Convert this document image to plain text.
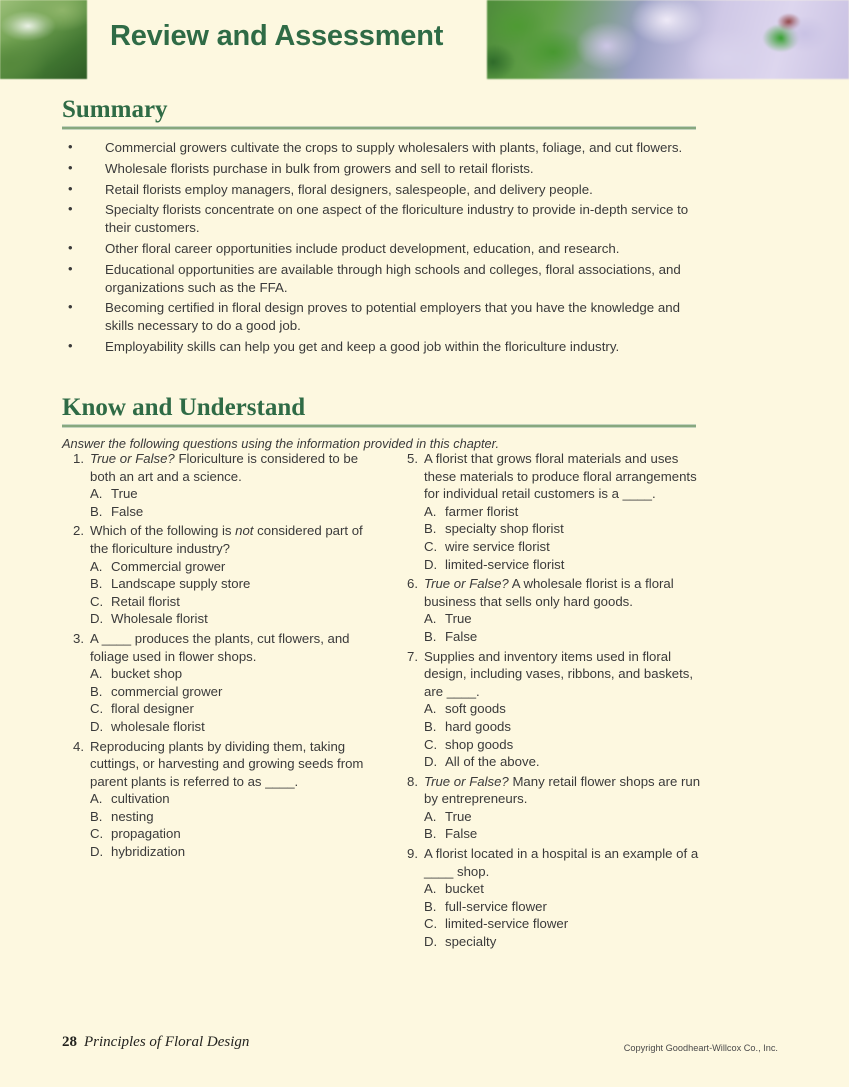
Review and Assessment
Summary
• Commercial growers cultivate the crops to supply wholesalers with plants, foliage, and cut flowers.
• Wholesale florists purchase in bulk from growers and sell to retail florists.
• Retail florists employ managers, floral designers, salespeople, and delivery people.
• Specialty florists concentrate on one aspect of the floriculture industry to provide in-depth service to their customers.
• Other floral career opportunities include product development, education, and research.
• Educational opportunities are available through high schools and colleges, floral associations, and organizations such as the FFA.
• Becoming certified in floral design proves to potential employers that you have the knowledge and skills necessary to do a good job.
• Employability skills can help you get and keep a good job within the floriculture industry.
Know and Understand
Answer the following questions using the information provided in this chapter.
1. True or False? Floriculture is considered to be both an art and a science.
A. True
B. False
2. Which of the following is not considered part of the floriculture industry?
A. Commercial grower
B. Landscape supply store
C. Retail florist
D. Wholesale florist
3. A ____ produces the plants, cut flowers, and foliage used in flower shops.
A. bucket shop
B. commercial grower
C. floral designer
D. wholesale florist
4. Reproducing plants by dividing them, taking cuttings, or harvesting and growing seeds from parent plants is referred to as ____.
A. cultivation
B. nesting
C. propagation
D. hybridization
5. A florist that grows floral materials and uses these materials to produce floral arrangements for individual retail customers is a ____.
A. farmer florist
B. specialty shop florist
C. wire service florist
D. limited-service florist
6. True or False? A wholesale florist is a floral business that sells only hard goods.
A. True
B. False
7. Supplies and inventory items used in floral design, including vases, ribbons, and baskets, are ____.
A. soft goods
B. hard goods
C. shop goods
D. All of the above.
8. True or False? Many retail flower shops are run by entrepreneurs.
A. True
B. False
9. A florist located in a hospital is an example of a ____ shop.
A. bucket
B. full-service flower
C. limited-service flower
D. specialty
28 Principles of Floral Design	Copyright Goodheart-Willcox Co., Inc.
